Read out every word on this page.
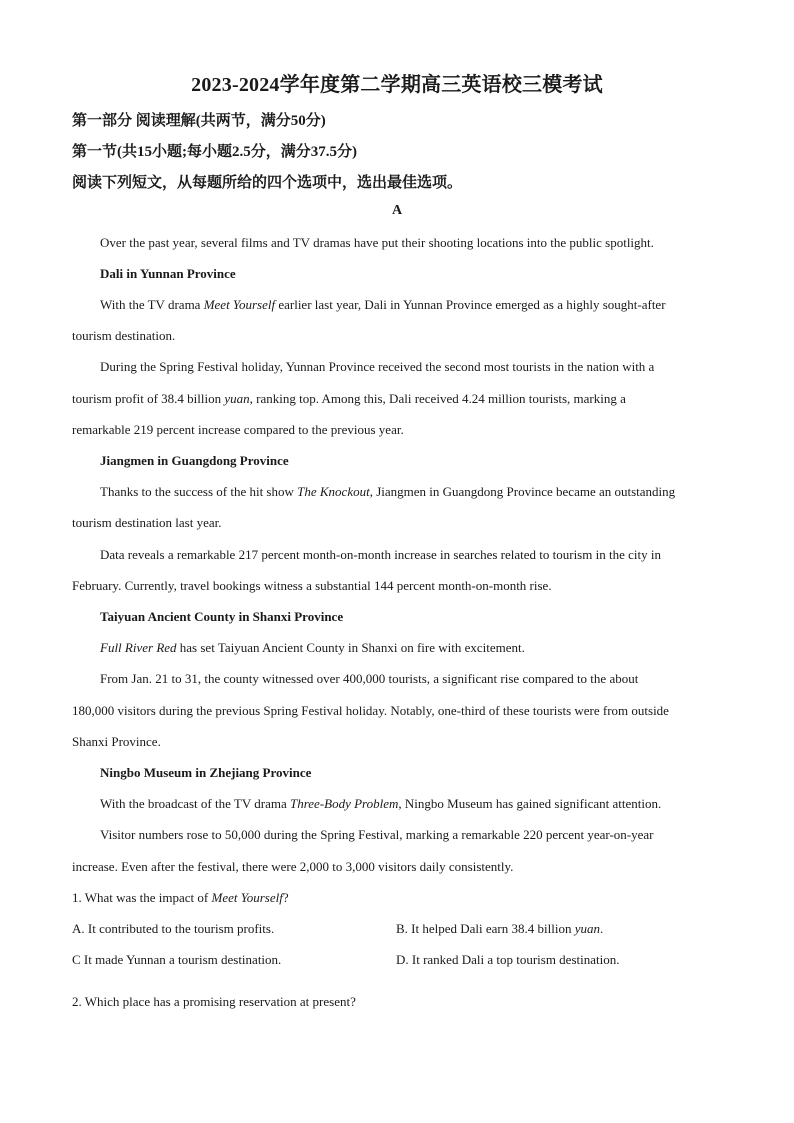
2023-2024学年度第二学期高三英语校三模考试
第一部分 阅读理解(共两节，满分50分)
第一节(共15小题;每小题2.5分，满分37.5分)
阅读下列短文，从每题所给的四个选项中，选出最佳选项。
A
Over the past year, several films and TV dramas have put their shooting locations into the public spotlight.
Dali in Yunnan Province
With the TV drama Meet Yourself earlier last year, Dali in Yunnan Province emerged as a highly sought-after
tourism destination.
During the Spring Festival holiday, Yunnan Province received the second most tourists in the nation with a
tourism profit of 38.4 billion yuan, ranking top. Among this, Dali received 4.24 million tourists, marking a
remarkable 219 percent increase compared to the previous year.
Jiangmen in Guangdong Province
Thanks to the success of the hit show The Knockout, Jiangmen in Guangdong Province became an outstanding
tourism destination last year.
Data reveals a remarkable 217 percent month-on-month increase in searches related to tourism in the city in
February. Currently, travel bookings witness a substantial 144 percent month-on-month rise.
Taiyuan Ancient County in Shanxi Province
Full River Red has set Taiyuan Ancient County in Shanxi on fire with excitement.
From Jan. 21 to 31, the county witnessed over 400,000 tourists, a significant rise compared to the about
180,000 visitors during the previous Spring Festival holiday. Notably, one-third of these tourists were from outside
Shanxi Province.
Ningbo Museum in Zhejiang Province
With the broadcast of the TV drama Three-Body Problem, Ningbo Museum has gained significant attention.
Visitor numbers rose to 50,000 during the Spring Festival, marking a remarkable 220 percent year-on-year
increase. Even after the festival, there were 2,000 to 3,000 visitors daily consistently.
1. What was the impact of Meet Yourself?
A. It contributed to the tourism profits.	B. It helped Dali earn 38.4 billion yuan.
C It made Yunnan a tourism destination.	D. It ranked Dali a top tourism destination.
2. Which place has a promising reservation at present?
